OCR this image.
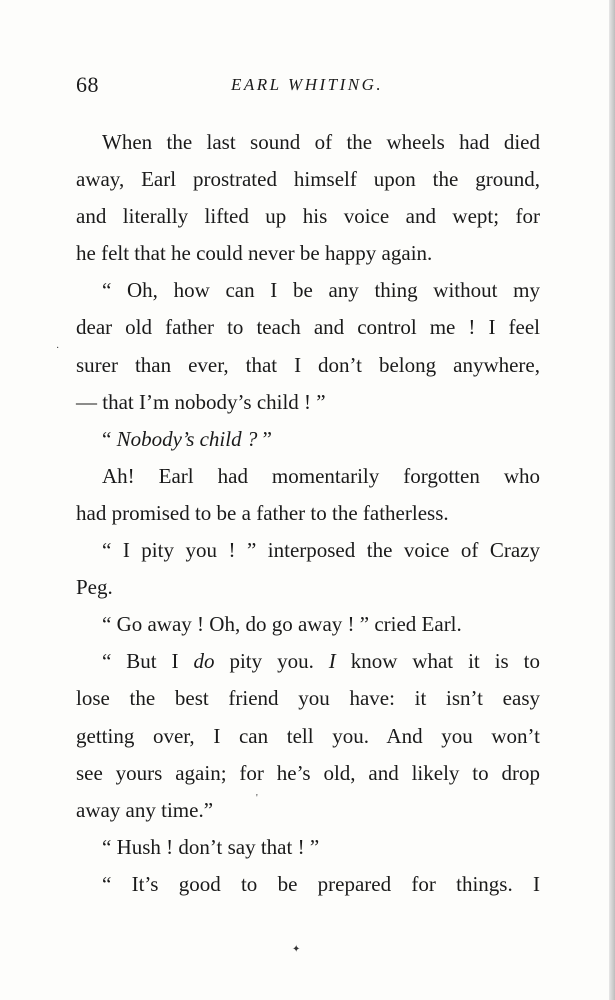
68	EARL WHITING.
When the last sound of the wheels had died
away, Earl prostrated himself upon the ground,
and literally lifted up his voice and wept; for
he felt that he could never be happy again.
“ Oh, how can I be any thing without my
dear old father to teach and control me ! I feel
surer than ever, that I don’t belong anywhere,
— that I’m nobody’s child ! ”
“ Nobody’s child ? ”
Ah! Earl had momentarily forgotten who
had promised to be a father to the fatherless.
“ I pity you ! ” interposed the voice of Crazy
Peg.
“ Go away ! Oh, do go away ! ” cried Earl.
“ But I do pity you. I know what it is to
lose the best friend you have: it isn’t easy
getting over, I can tell you. And you won’t
see yours again; for he’s old, and likely to drop
away any time.”
“ Hush ! don’t say that ! ”
“ It’s good to be prepared for things. I
·
'
✦
